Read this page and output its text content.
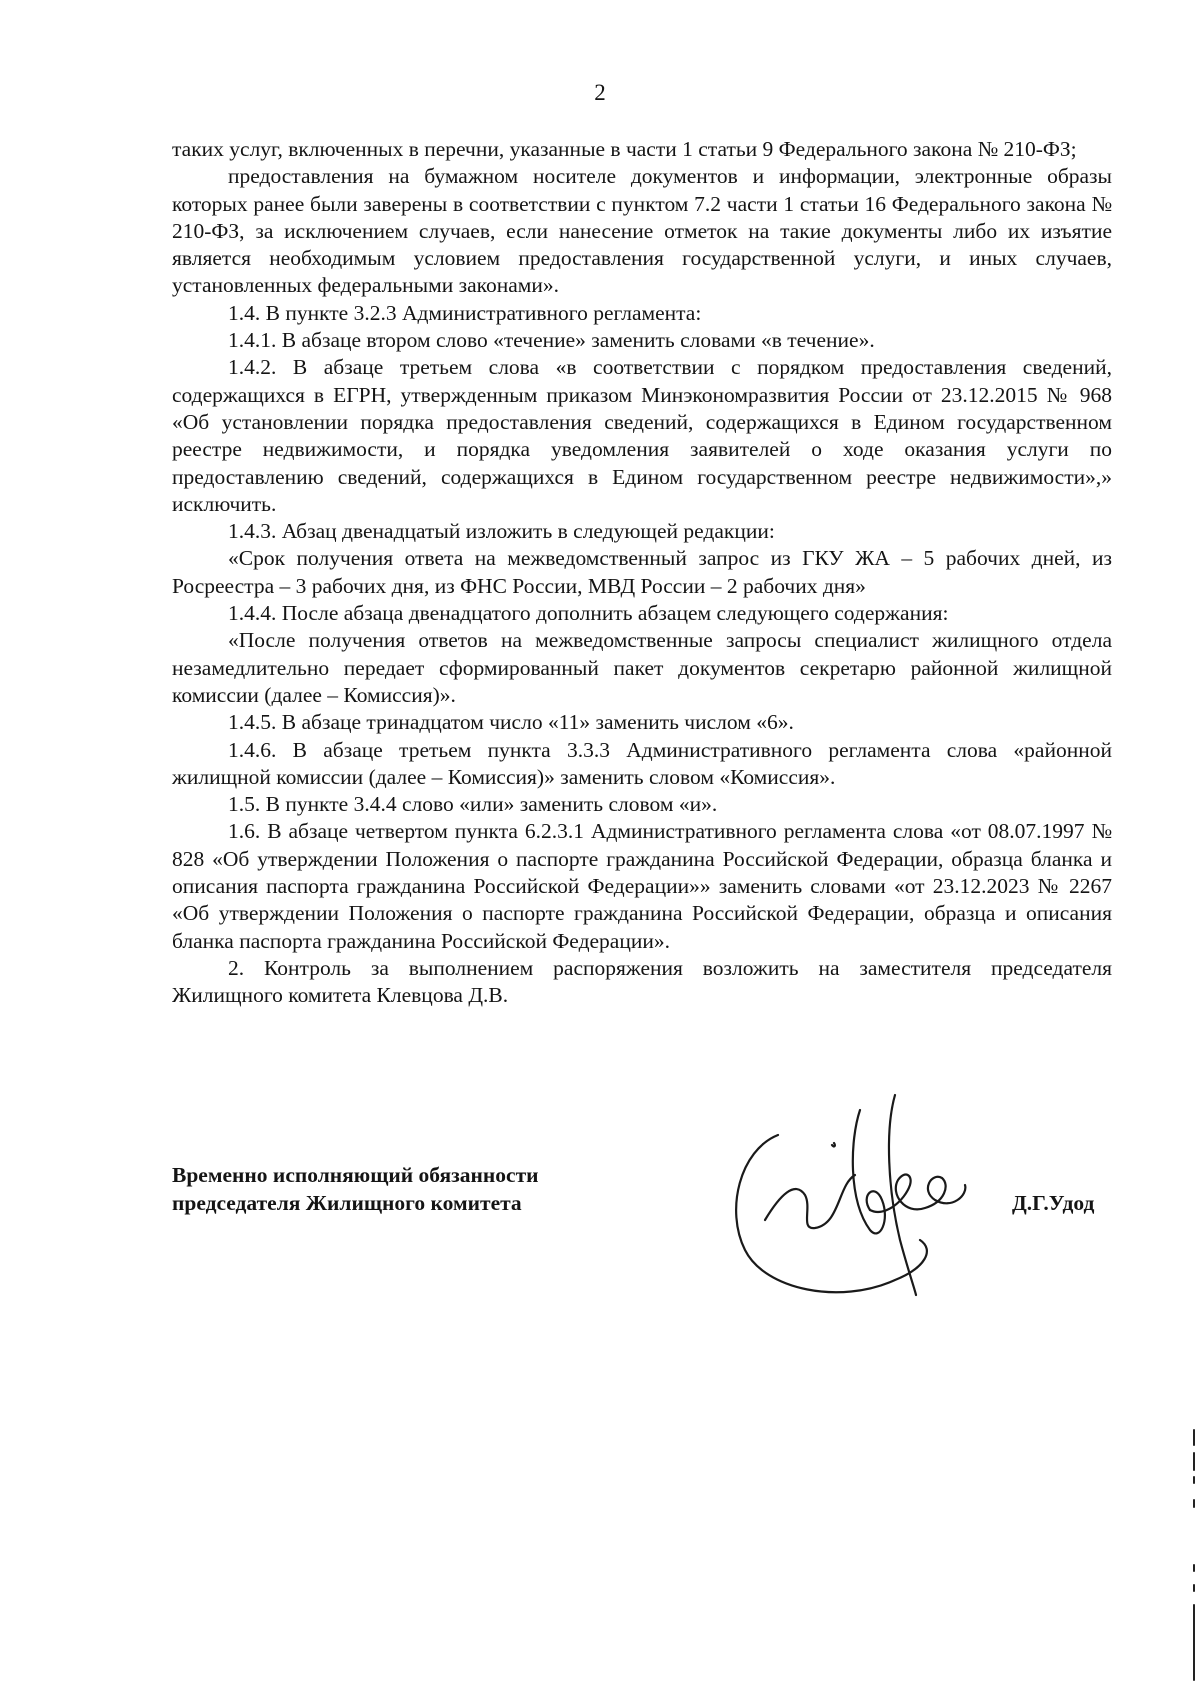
2

таких услуг, включенных в перечни, указанные в части 1 статьи 9 Федерального закона № 210-ФЗ;

предоставления на бумажном носителе документов и информации, электронные образы которых ранее были заверены в соответствии с пунктом 7.2 части 1 статьи 16 Федерального закона № 210-ФЗ, за исключением случаев, если нанесение отметок на такие документы либо их изъятие является необходимым условием предоставления государственной услуги, и иных случаев, установленных федеральными законами».

1.4. В пункте 3.2.3 Административного регламента:

1.4.1. В абзаце втором слово «течение» заменить словами «в течение».

1.4.2. В абзаце третьем слова «в соответствии с порядком предоставления сведений, содержащихся в ЕГРН, утвержденным приказом Минэкономразвития России от 23.12.2015 № 968 «Об установлении порядка предоставления сведений, содержащихся в Едином государственном реестре недвижимости, и порядка уведомления заявителей о ходе оказания услуги по предоставлению сведений, содержащихся в Едином государственном реестре недвижимости»,» исключить.

1.4.3. Абзац двенадцатый изложить в следующей редакции:

«Срок получения ответа на межведомственный запрос из ГКУ ЖА – 5 рабочих дней, из Росреестра – 3 рабочих дня, из ФНС России, МВД России – 2 рабочих дня»

1.4.4. После абзаца двенадцатого дополнить абзацем следующего содержания:

«После получения ответов на межведомственные запросы специалист жилищного отдела незамедлительно передает сформированный пакет документов секретарю районной жилищной комиссии (далее – Комиссия)».

1.4.5. В абзаце тринадцатом число «11» заменить числом «6».

1.4.6. В абзаце третьем пункта 3.3.3 Административного регламента слова «районной жилищной комиссии (далее – Комиссия)» заменить словом «Комиссия».

1.5. В пункте 3.4.4 слово «или» заменить словом «и».

1.6. В абзаце четвертом пункта 6.2.3.1 Административного регламента слова «от 08.07.1997 № 828 «Об утверждении Положения о паспорте гражданина Российской Федерации, образца бланка и описания паспорта гражданина Российской Федерации»» заменить словами «от 23.12.2023 № 2267 «Об утверждении Положения о паспорте гражданина Российской Федерации, образца и описания бланка паспорта гражданина Российской Федерации».

2. Контроль за выполнением распоряжения возложить на заместителя председателя Жилищного комитета Клевцова Д.В.

Временно исполняющий обязанности
председателя Жилищного комитета	Д.Г.Удод
